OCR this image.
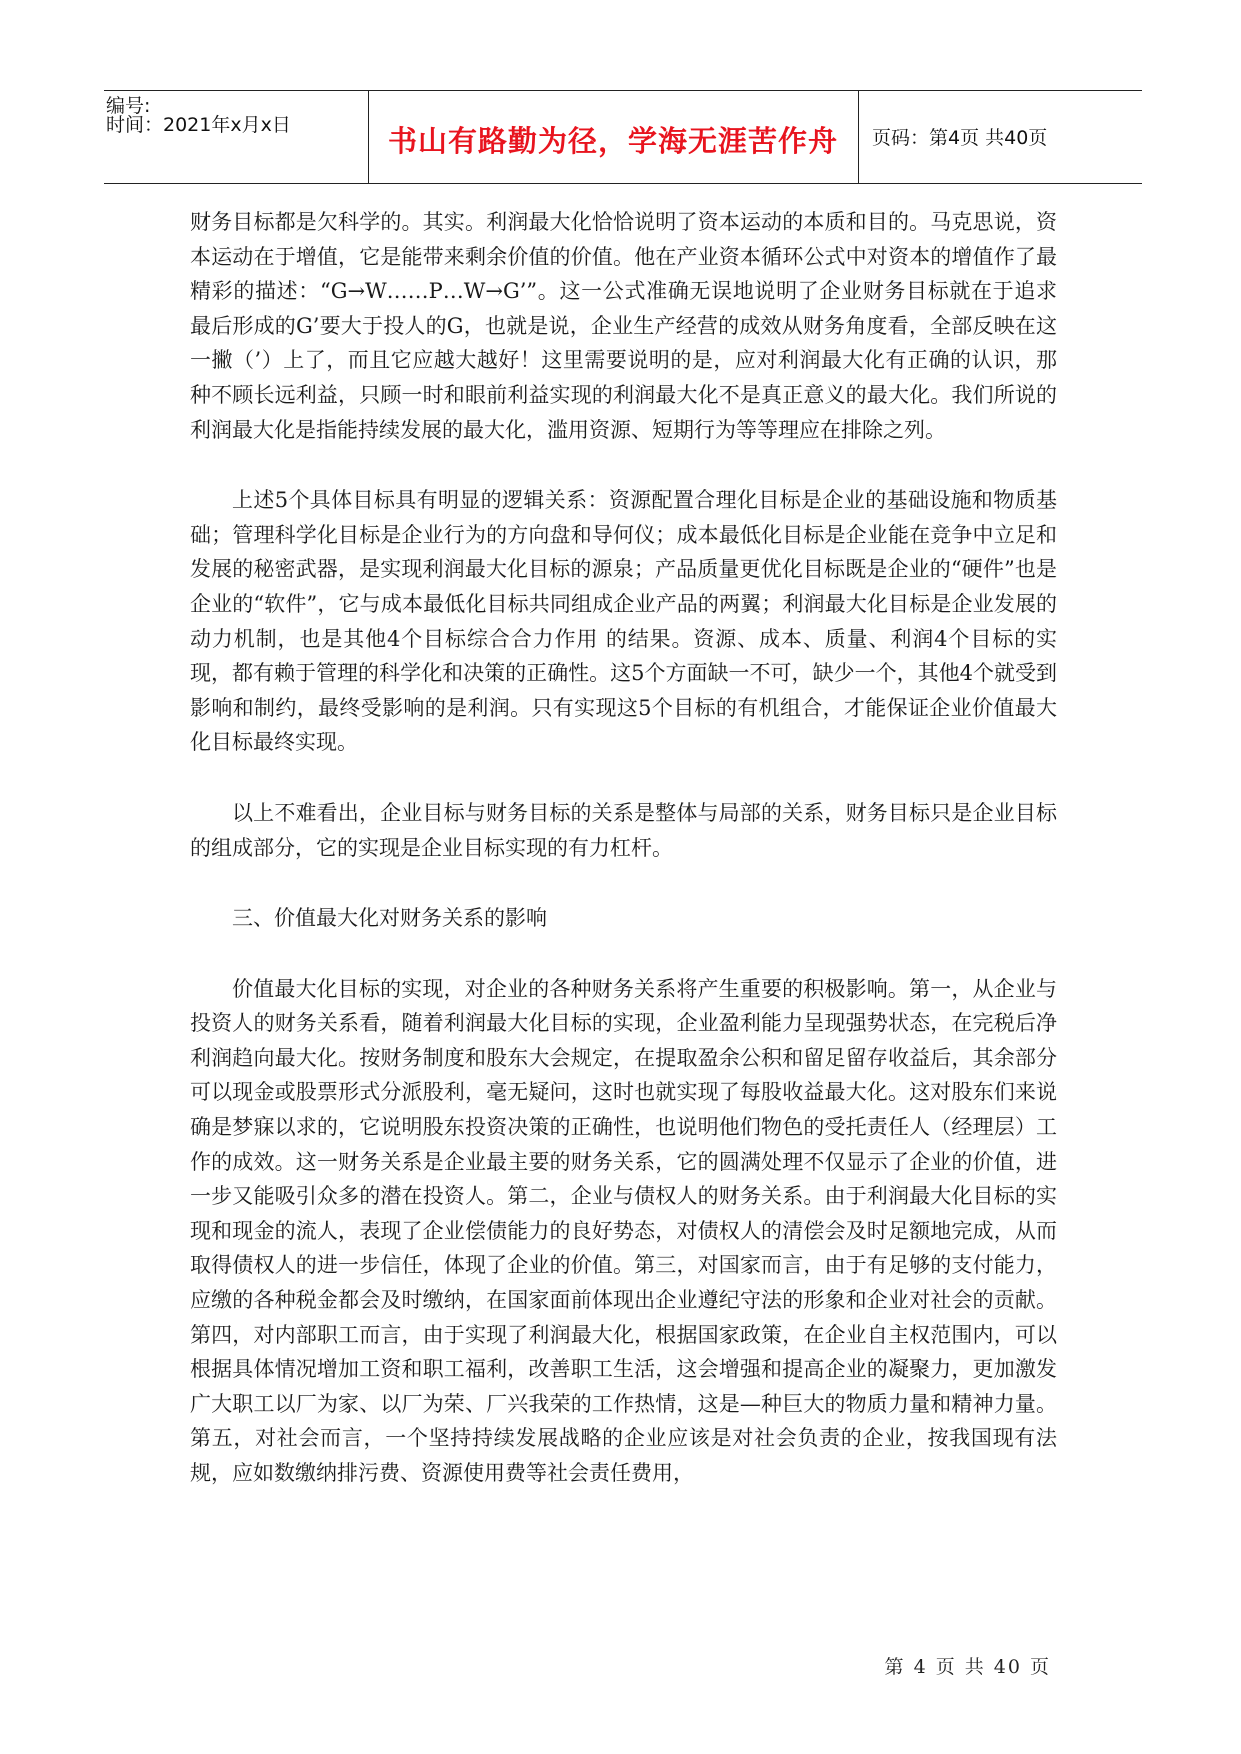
编号:
时间：2021年x月x日	书山有路勤为径，学海无涯苦作舟	页码：第4页 共40页

财务目标都是欠科学的。其实。利润最大化恰恰说明了资本运动的本质和目的。马克思说，资本运动在于增值，它是能带来剩余价值的价值。他在产业资本循环公式中对资本的增值作了最精彩的描述：“G→W……P…W→G’”。这一公式准确无误地说明了企业财务目标就在于追求最后形成的G’要大于投人的G，也就是说，企业生产经营的成效从财务角度看，全部反映在这一撇（’）上了，而且它应越大越好！这里需要说明的是，应对利润最大化有正确的认识，那种不顾长远利益，只顾一时和眼前利益实现的利润最大化不是真正意义的最大化。我们所说的利润最大化是指能持续发展的最大化，滥用资源、短期行为等等理应在排除之列。

上述5个具体目标具有明显的逻辑关系：资源配置合理化目标是企业的基础设施和物质基础；管理科学化目标是企业行为的方向盘和导何仪；成本最低化目标是企业能在竞争中立足和发展的秘密武器，是实现利润最大化目标的源泉；产品质量更优化目标既是企业的“硬件”也是企业的“软件”，它与成本最低化目标共同组成企业产品的两翼；利润最大化目标是企业发展的动力机制，也是其他4个目标综合合力作用 的结果。资源、成本、质量、利润4个目标的实现，都有赖于管理的科学化和决策的正确性。这5个方面缺一不可，缺少一个，其他4个就受到影响和制约，最终受影响的是利润。只有实现这5个目标的有机组合，才能保证企业价值最大化目标最终实现。

以上不难看出，企业目标与财务目标的关系是整体与局部的关系，财务目标只是企业目标的组成部分，它的实现是企业目标实现的有力杠杆。

三、价值最大化对财务关系的影响

价值最大化目标的实现，对企业的各种财务关系将产生重要的积极影响。第一，从企业与投资人的财务关系看，随着利润最大化目标的实现，企业盈利能力呈现强势状态，在完税后净利润趋向最大化。按财务制度和股东大会规定，在提取盈余公积和留足留存收益后，其余部分可以现金或股票形式分派股利，毫无疑问，这时也就实现了每股收益最大化。这对股东们来说确是梦寐以求的，它说明股东投资决策的正确性，也说明他们物色的受托责任人（经理层）工作的成效。这一财务关系是企业最主要的财务关系，它的圆满处理不仅显示了企业的价值，进一步又能吸引众多的潜在投资人。第二，企业与债权人的财务关系。由于利润最大化目标的实现和现金的流人，表现了企业偿债能力的良好势态，对债权人的清偿会及时足额地完成，从而取得债权人的进一步信任，体现了企业的价值。第三，对国家而言，由于有足够的支付能力，应缴的各种税金都会及时缴纳，在国家面前体现出企业遵纪守法的形象和企业对社会的贡献。第四，对内部职工而言，由于实现了利润最大化，根据国家政策，在企业自主权范围内，可以根据具体情况增加工资和职工福利，改善职工生活，这会增强和提高企业的凝聚力，更加激发广大职工以厂为家、以厂为荣、厂兴我荣的工作热情，这是—种巨大的物质力量和精神力量。第五，对社会而言，一个坚持持续发展战略的企业应该是对社会负责的企业，按我国现有法规，应如数缴纳排污费、资源使用费等社会责任费用，

第 4 页 共 40 页
